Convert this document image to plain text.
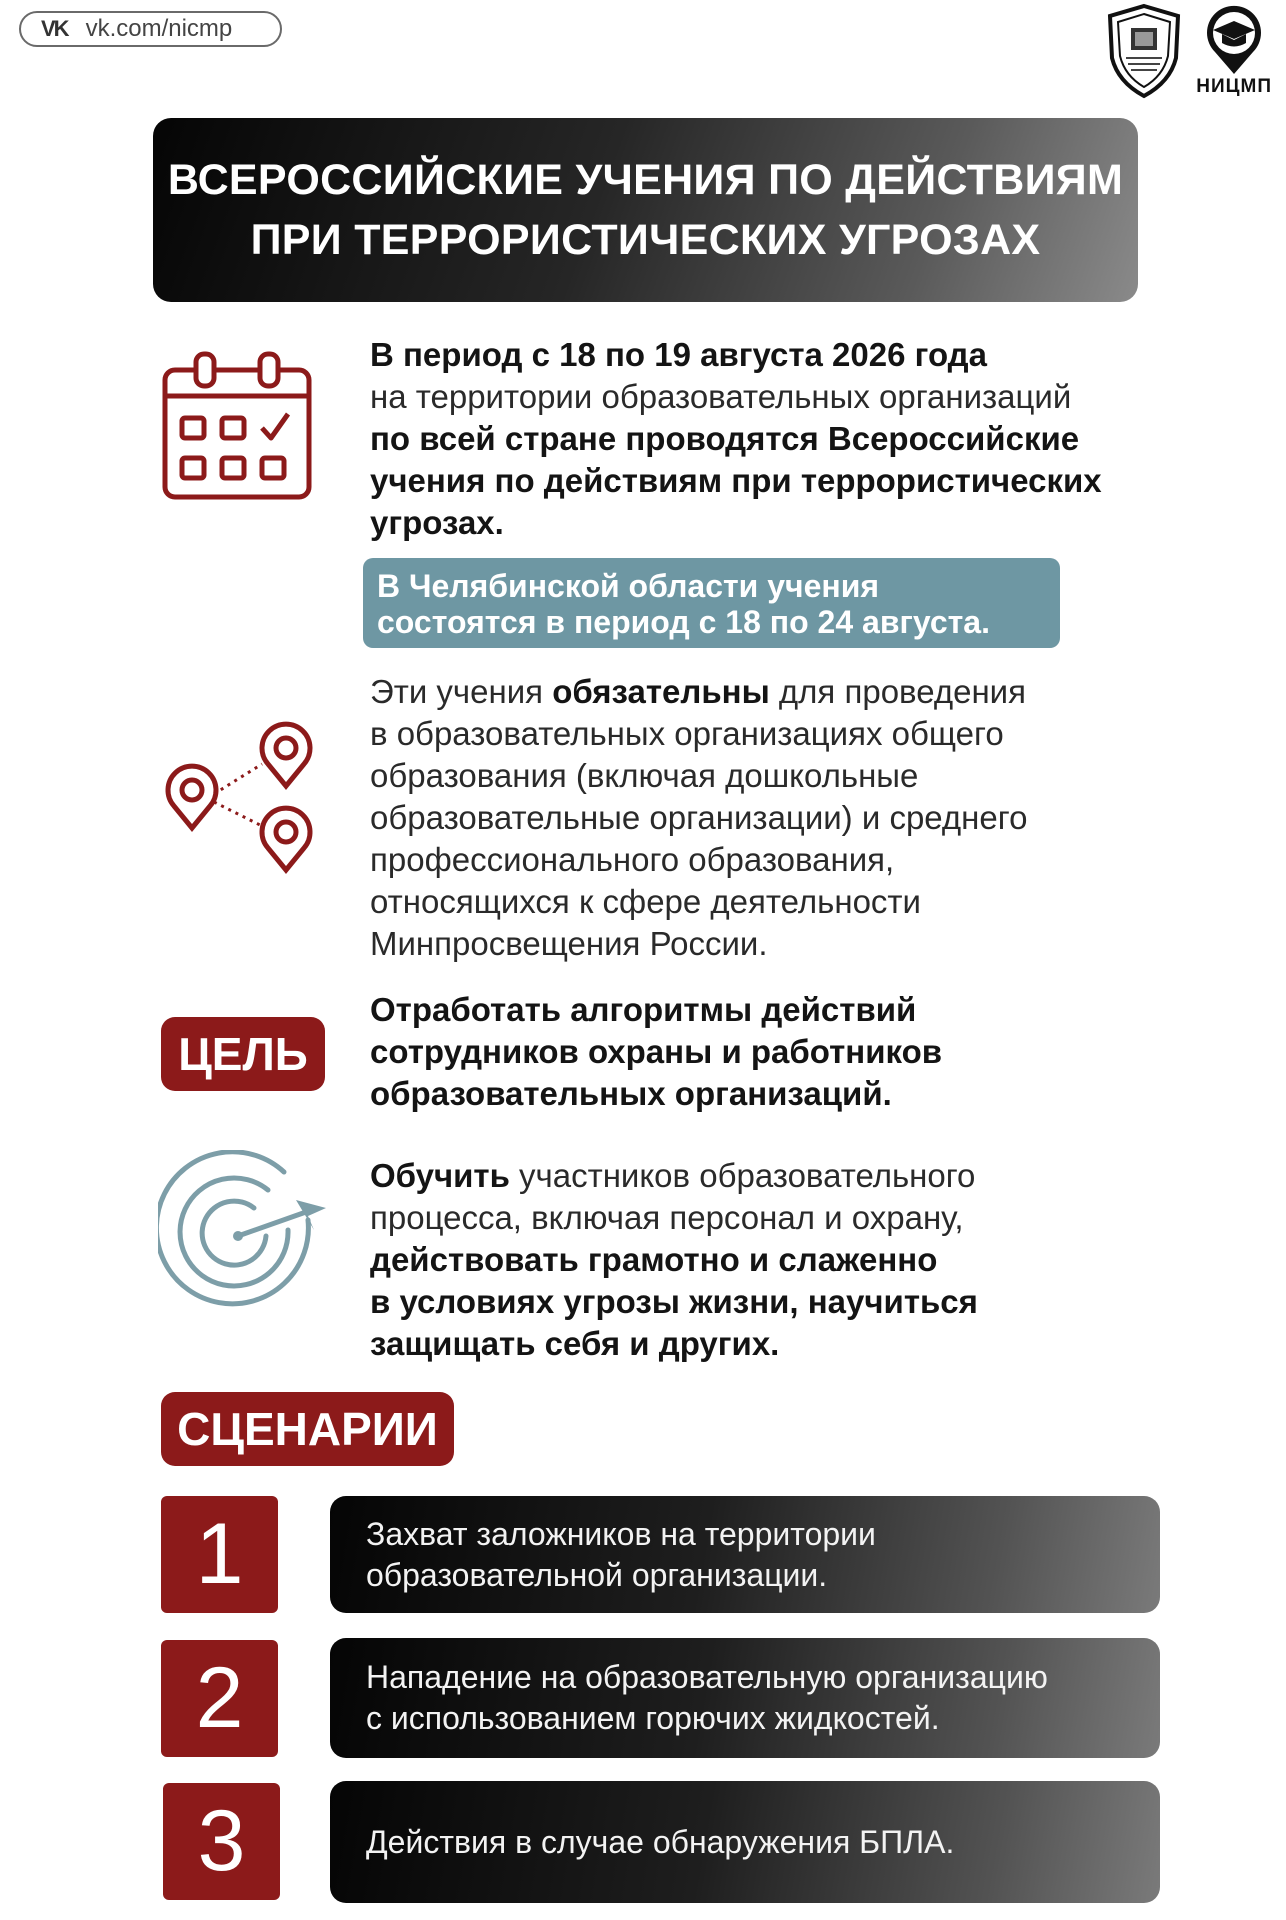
VK vk.com/nicmp
НИЦМП
ВСЕРОССИЙСКИЕ УЧЕНИЯ ПО ДЕЙСТВИЯМ
ПРИ ТЕРРОРИСТИЧЕСКИХ УГРОЗАХ
В период с 18 по 19 августа 2026 года
на территории образовательных организаций
по всей стране проводятся Всероссийские
учения по действиям при террористических
угрозах.
В Челябинской области учения
состоятся в период с 18 по 24 августа.
Эти учения обязательны для проведения
в образовательных организациях общего
образования (включая дошкольные
образовательные организации) и среднего
профессионального образования,
относящихся к сфере деятельности
Минпросвещения России.
ЦЕЛЬ
Отработать алгоритмы действий
сотрудников охраны и работников
образовательных организаций.
Обучить участников образовательного
процесса, включая персонал и охрану,
действовать грамотно и слаженно
в условиях угрозы жизни, научиться
защищать себя и других.
СЦЕНАРИИ
1	Захват заложников на территории
образовательной организации.
2	Нападение на образовательную организацию
с использованием горючих жидкостей.
3	Действия в случае обнаружения БПЛА.
